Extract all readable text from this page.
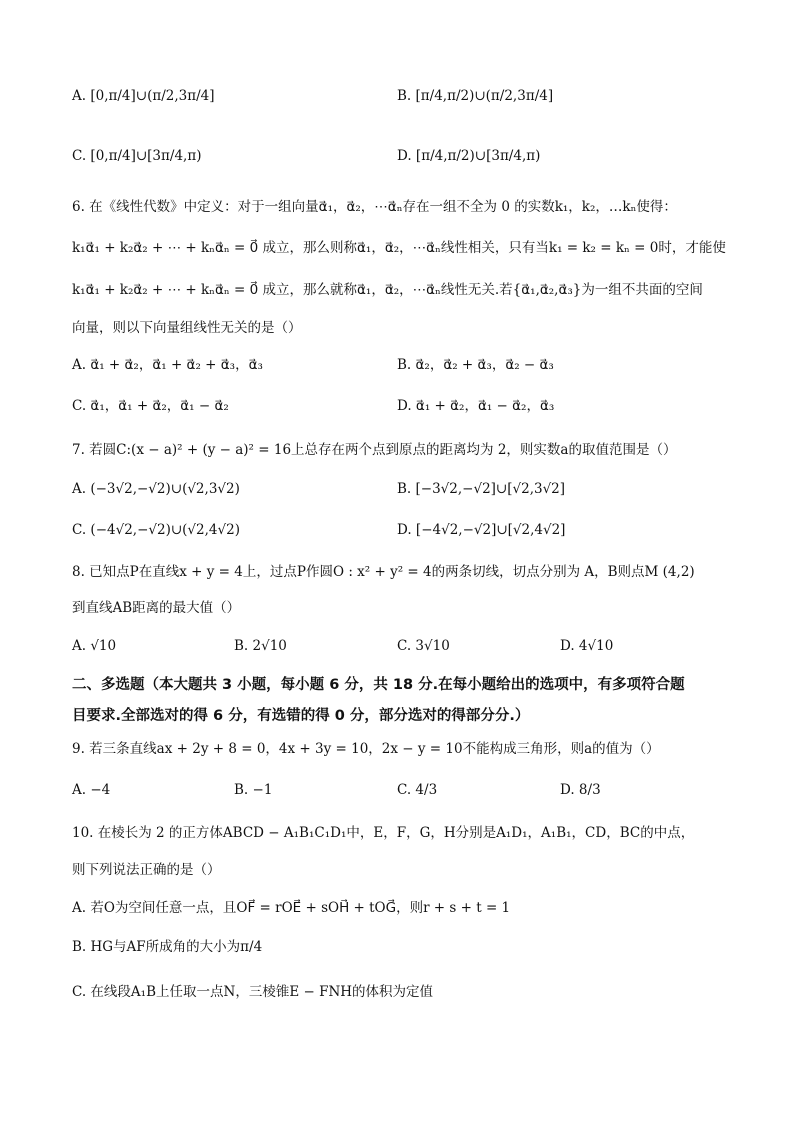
A. [0,π/4]∪(π/2,3π/4]	B. [π/4,π/2)∪(π/2,3π/4]
C. [0,π/4]∪[3π/4,π)	D. [π/4,π/2)∪[3π/4,π)
6. 在《线性代数》中定义：对于一组向量α⃗₁，α⃗₂，⋯α⃗ₙ存在一组不全为 0 的实数k₁，k₂，…kₙ使得：
k₁α⃗₁ + k₂α⃗₂ + ⋯ + kₙα⃗ₙ = 0⃗ 成立，那么则称α⃗₁，α⃗₂，⋯α⃗ₙ线性相关，只有当k₁ = k₂ = kₙ = 0时，才能使
k₁α⃗₁ + k₂α⃗₂ + ⋯ + kₙα⃗ₙ = 0⃗ 成立，那么就称α⃗₁，α⃗₂，⋯α⃗ₙ线性无关.若{α⃗₁,α⃗₂,α⃗₃}为一组不共面的空间
向量，则以下向量组线性无关的是（）
A. α⃗₁ + α⃗₂，α⃗₁ + α⃗₂ + α⃗₃，α⃗₃	B. α⃗₂，α⃗₂ + α⃗₃，α⃗₂ − α⃗₃
C. α⃗₁，α⃗₁ + α⃗₂，α⃗₁ − α⃗₂	D. α⃗₁ + α⃗₂，α⃗₁ − α⃗₂，α⃗₃
7. 若圆C:(x − a)² + (y − a)² = 16上总存在两个点到原点的距离均为 2，则实数a的取值范围是（）
A. (−3√2,−√2)∪(√2,3√2)	B. [−3√2,−√2]∪[√2,3√2]
C. (−4√2,−√2)∪(√2,4√2)	D. [−4√2,−√2]∪[√2,4√2]
8. 已知点P在直线x + y = 4上，过点P作圆O : x² + y² = 4的两条切线，切点分别为 A，B则点M (4,2)
到直线AB距离的最大值（）
A. √10	B. 2√10	C. 3√10	D. 4√10
二、多选题（本大题共 3 小题，每小题 6 分，共 18 分.在每小题给出的选项中，有多项符合题
目要求.全部选对的得 6 分，有选错的得 0 分，部分选对的得部分分.）
9. 若三条直线ax + 2y + 8 = 0，4x + 3y = 10，2x − y = 10不能构成三角形，则a的值为（）
A. −4	B. −1	C. 4/3	D. 8/3
10. 在棱长为 2 的正方体ABCD − A₁B₁C₁D₁中，E，F，G，H分别是A₁D₁，A₁B₁，CD，BC的中点，
则下列说法正确的是（）
A. 若O为空间任意一点，且OF⃗ = rOE⃗ + sOH⃗ + tOG⃗，则r + s + t = 1
B. HG与AF所成角的大小为π/4
C. 在线段A₁B上任取一点N，三棱锥E − FNH的体积为定值
